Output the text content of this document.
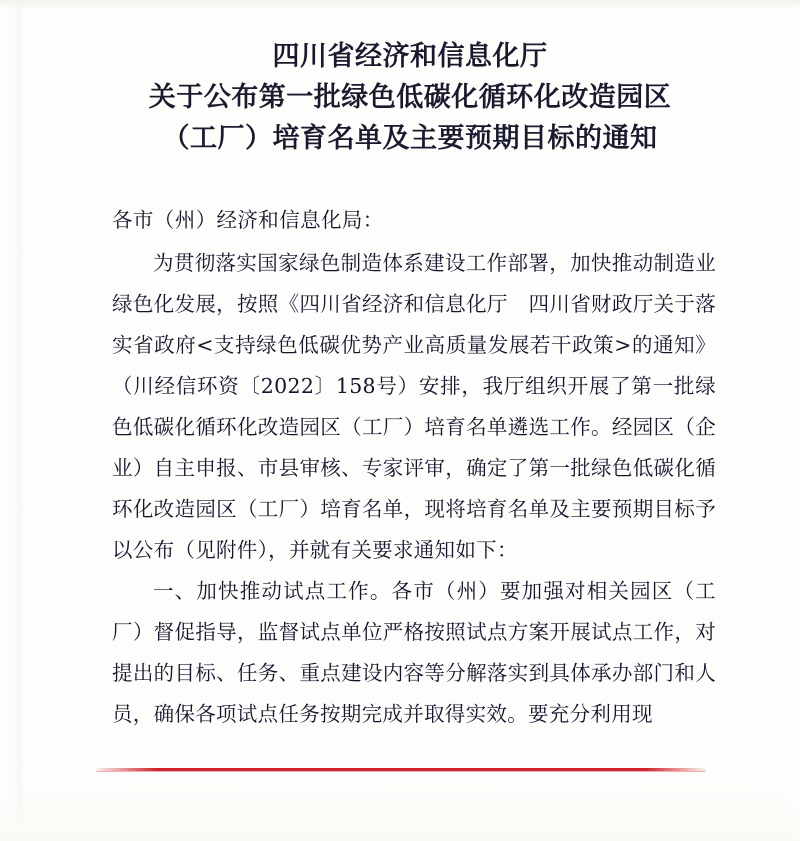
四川省经济和信息化厅
关于公布第一批绿色低碳化循环化改造园区
（工厂）培育名单及主要预期目标的通知

各市（州）经济和信息化局：

为贯彻落实国家绿色制造体系建设工作部署，加快推动制造业绿色化发展，按照《四川省经济和信息化厅　四川省财政厅关于落实省政府<支持绿色低碳优势产业高质量发展若干政策>的通知》（川经信环资〔2022〕158号）安排，我厅组织开展了第一批绿色低碳化循环化改造园区（工厂）培育名单遴选工作。经园区（企业）自主申报、市县审核、专家评审，确定了第一批绿色低碳化循环化改造园区（工厂）培育名单，现将培育名单及主要预期目标予以公布（见附件），并就有关要求通知如下：

一、加快推动试点工作。各市（州）要加强对相关园区（工厂）督促指导，监督试点单位严格按照试点方案开展试点工作，对提出的目标、任务、重点建设内容等分解落实到具体承办部门和人员，确保各项试点任务按期完成并取得实效。要充分利用现
